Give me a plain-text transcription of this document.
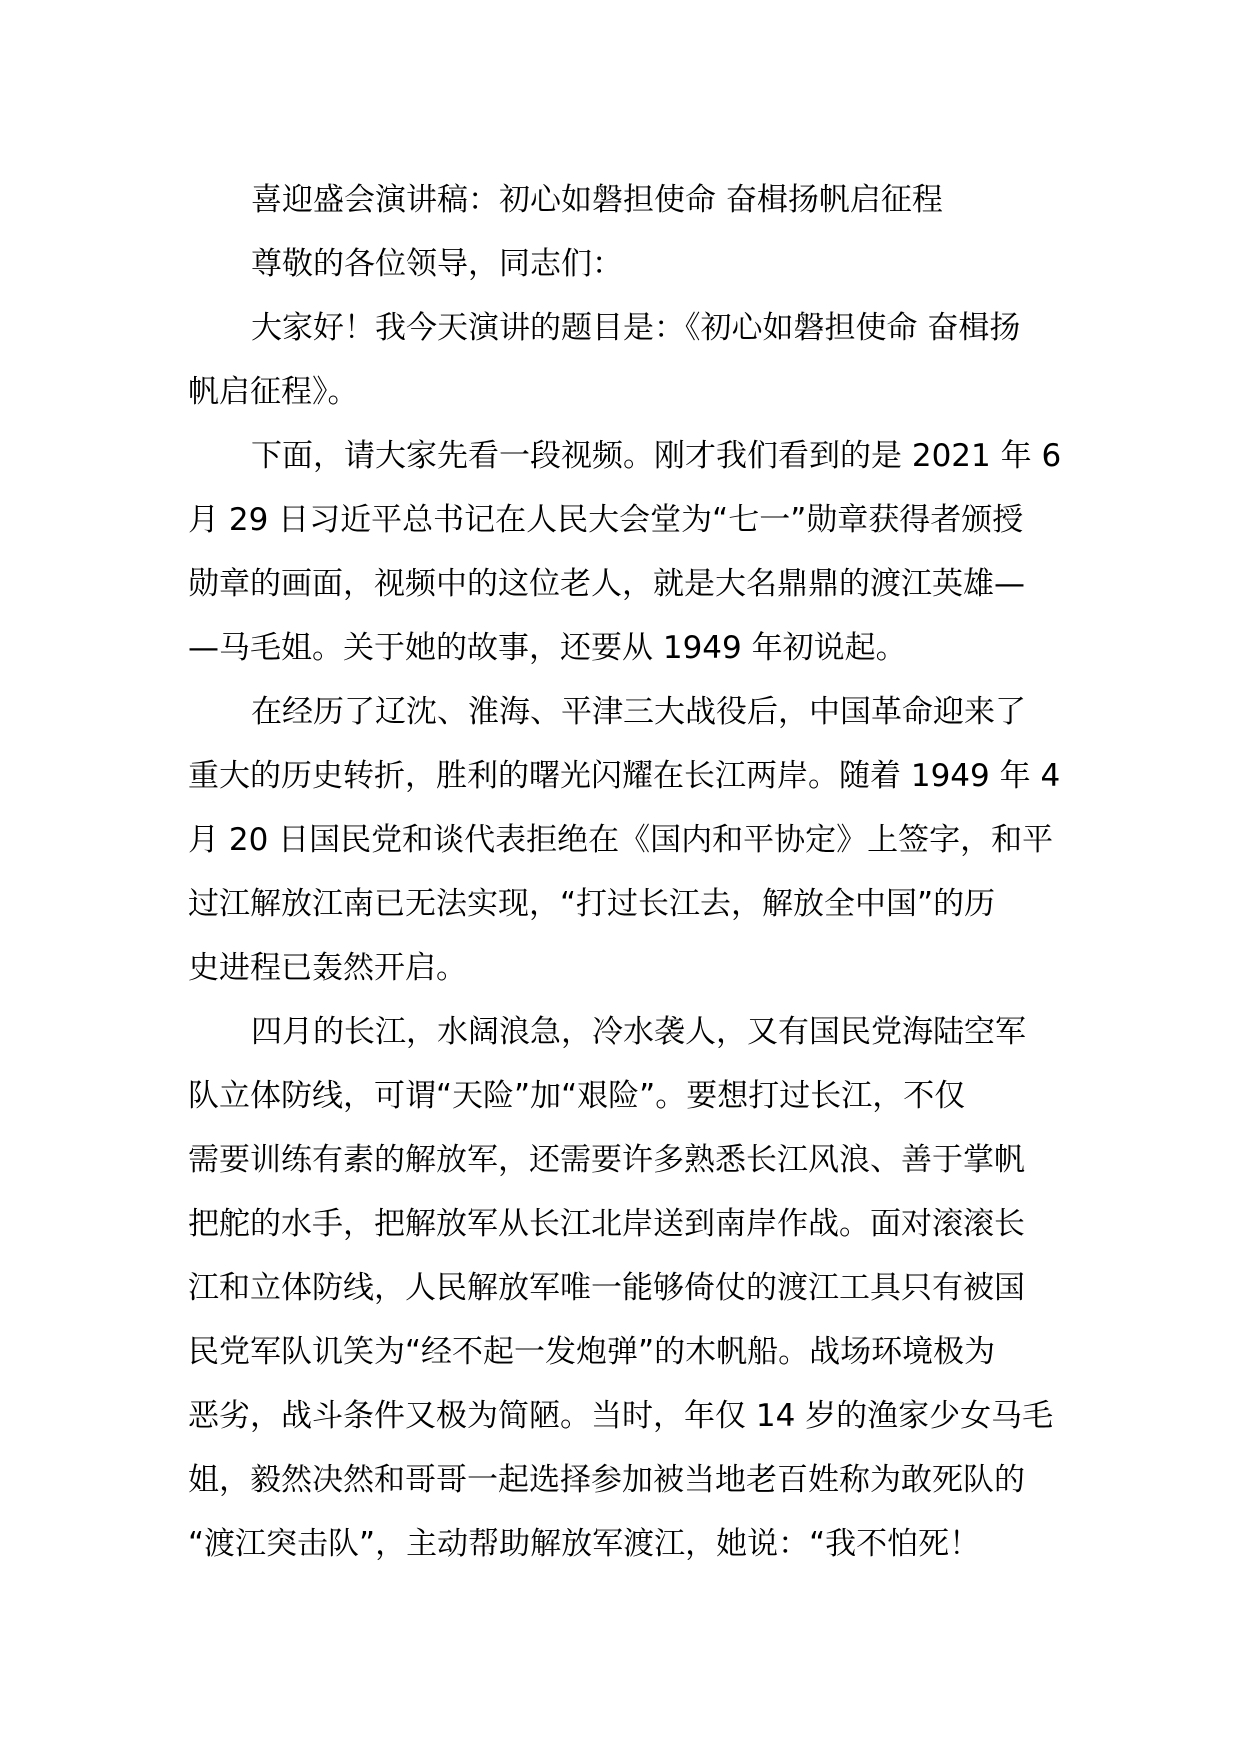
喜迎盛会演讲稿：初心如磐担使命 奋楫扬帆启征程
尊敬的各位领导，同志们：
大家好！我今天演讲的题目是：《初心如磐担使命 奋楫扬
帆启征程》。
下面，请大家先看一段视频。刚才我们看到的是 2021 年 6
月 29 日习近平总书记在人民大会堂为“七一”勋章获得者颁授
勋章的画面，视频中的这位老人，就是大名鼎鼎的渡江英雄—
—马毛姐。关于她的故事，还要从 1949 年初说起。
在经历了辽沈、淮海、平津三大战役后，中国革命迎来了
重大的历史转折，胜利的曙光闪耀在长江两岸。随着 1949 年 4
月 20 日国民党和谈代表拒绝在《国内和平协定》上签字，和平
过江解放江南已无法实现，“打过长江去，解放全中国”的历
史进程已轰然开启。
四月的长江，水阔浪急，冷水袭人，又有国民党海陆空军
队立体防线，可谓“天险”加“艰险”。要想打过长江，不仅
需要训练有素的解放军，还需要许多熟悉长江风浪、善于掌帆
把舵的水手，把解放军从长江北岸送到南岸作战。面对滚滚长
江和立体防线，人民解放军唯一能够倚仗的渡江工具只有被国
民党军队讥笑为“经不起一发炮弹”的木帆船。战场环境极为
恶劣，战斗条件又极为简陋。当时，年仅 14 岁的渔家少女马毛
姐，毅然决然和哥哥一起选择参加被当地老百姓称为敢死队的
“渡江突击队”，主动帮助解放军渡江，她说：“我不怕死！
